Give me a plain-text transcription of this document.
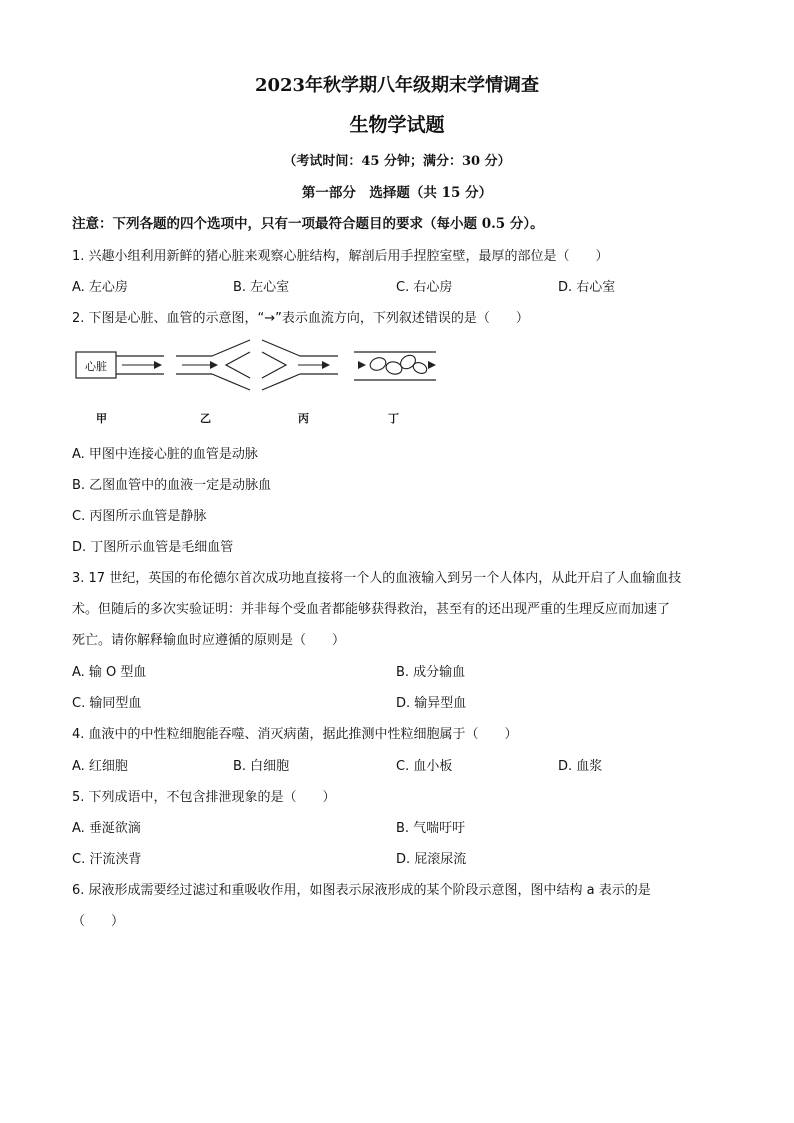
2023年秋学期八年级期末学情调查
生物学试题
（考试时间：45 分钟；满分：30 分）
第一部分　选择题（共 15 分）
注意：下列各题的四个选项中，只有一项最符合题目的要求（每小题 0.5 分）。
1. 兴趣小组利用新鲜的猪心脏来观察心脏结构，解剖后用手捏腔室壁，最厚的部位是（　　）
A. 左心房	B. 左心室	C. 右心房	D. 右心室
2. 下图是心脏、血管的示意图，“→”表示血流方向，下列叙述错误的是（　　）
心脏
甲	乙	丙	丁
A. 甲图中连接心脏的血管是动脉
B. 乙图血管中的血液一定是动脉血
C. 丙图所示血管是静脉
D. 丁图所示血管是毛细血管
3. 17 世纪，英国的布伦德尔首次成功地直接将一个人的血液输入到另一个人体内，从此开启了人血输血技
术。但随后的多次实验证明：并非每个受血者都能够获得救治，甚至有的还出现严重的生理反应而加速了
死亡。请你解释输血时应遵循的原则是（　　）
A. 输 O 型血	B. 成分输血
C. 输同型血	D. 输异型血
4. 血液中的中性粒细胞能吞噬、消灭病菌，据此推测中性粒细胞属于（　　）
A. 红细胞	B. 白细胞	C. 血小板	D. 血浆
5. 下列成语中，不包含排泄现象的是（　　）
A. 垂涎欲滴	B. 气喘吁吁
C. 汗流浃背	D. 屁滚尿流
6. 尿液形成需要经过滤过和重吸收作用，如图表示尿液形成的某个阶段示意图，图中结构 a 表示的是
（　　）
